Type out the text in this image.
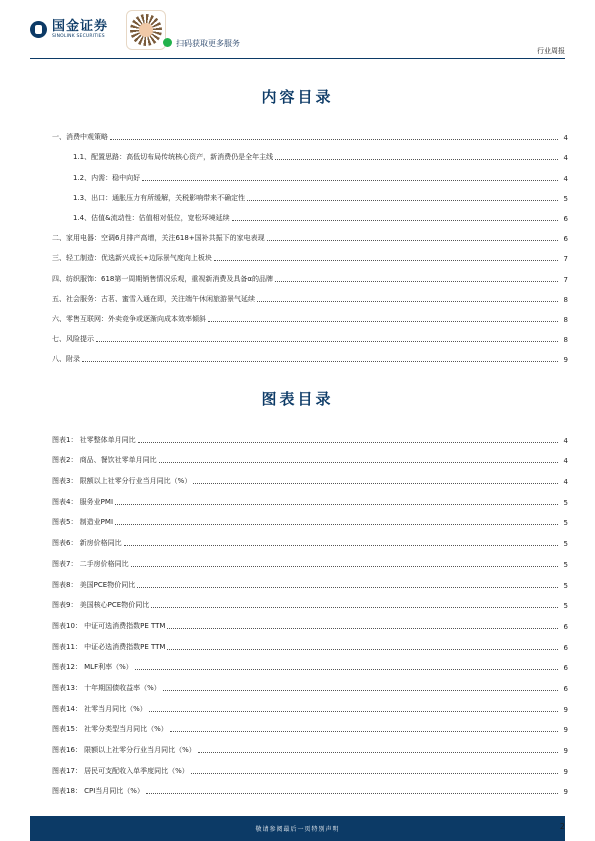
国金证券
SINOLINK SECURITIES
扫码获取更多服务
行业周报
内容目录
一、消费中观策略	4
1.1、配置思路：高低切布局传统核心资产，新消费仍是全年主线	4
1.2、内需：稳中向好	4
1.3、出口：通胀压力有所缓解，关税影响带来不确定性	5
1.4、估值&流动性：估值相对低位，宽松环境延续	6
二、家用电器：空调6月排产高增，关注618+国补共振下的家电表现	6
三、轻工制造：优选新兴成长+边际景气度向上板块	7
四、纺织服饰：618第一周期销售情况乐观，重视新消费及具备α的品牌	7
五、社会服务：古茗、蜜雪入通在即，关注端午休闲旅游景气延续	8
六、零售互联网：外卖竞争或逐渐向成本效率倾斜	8
七、风险提示	8
八、附录	9
图表目录
图表1： 社零整体单月同比	4
图表2： 商品、餐饮社零单月同比	4
图表3： 限额以上社零分行业当月同比（%）	4
图表4： 服务业PMI	5
图表5： 制造业PMI	5
图表6： 新房价格同比	5
图表7： 二手房价格同比	5
图表8： 美国PCE物价同比	5
图表9： 美国核心PCE物价同比	5
图表10： 中证可选消费指数PE TTM	6
图表11： 中证必选消费指数PE TTM	6
图表12： MLF利率（%）	6
图表13： 十年期国债收益率（%）	6
图表14： 社零当月同比（%）	9
图表15： 社零分类型当月同比（%）	9
图表16： 限额以上社零分行业当月同比（%）	9
图表17： 居民可支配收入单季度同比（%）	9
图表18： CPI当月同比（%）	9
敬请参阅最后一页特别声明	2
